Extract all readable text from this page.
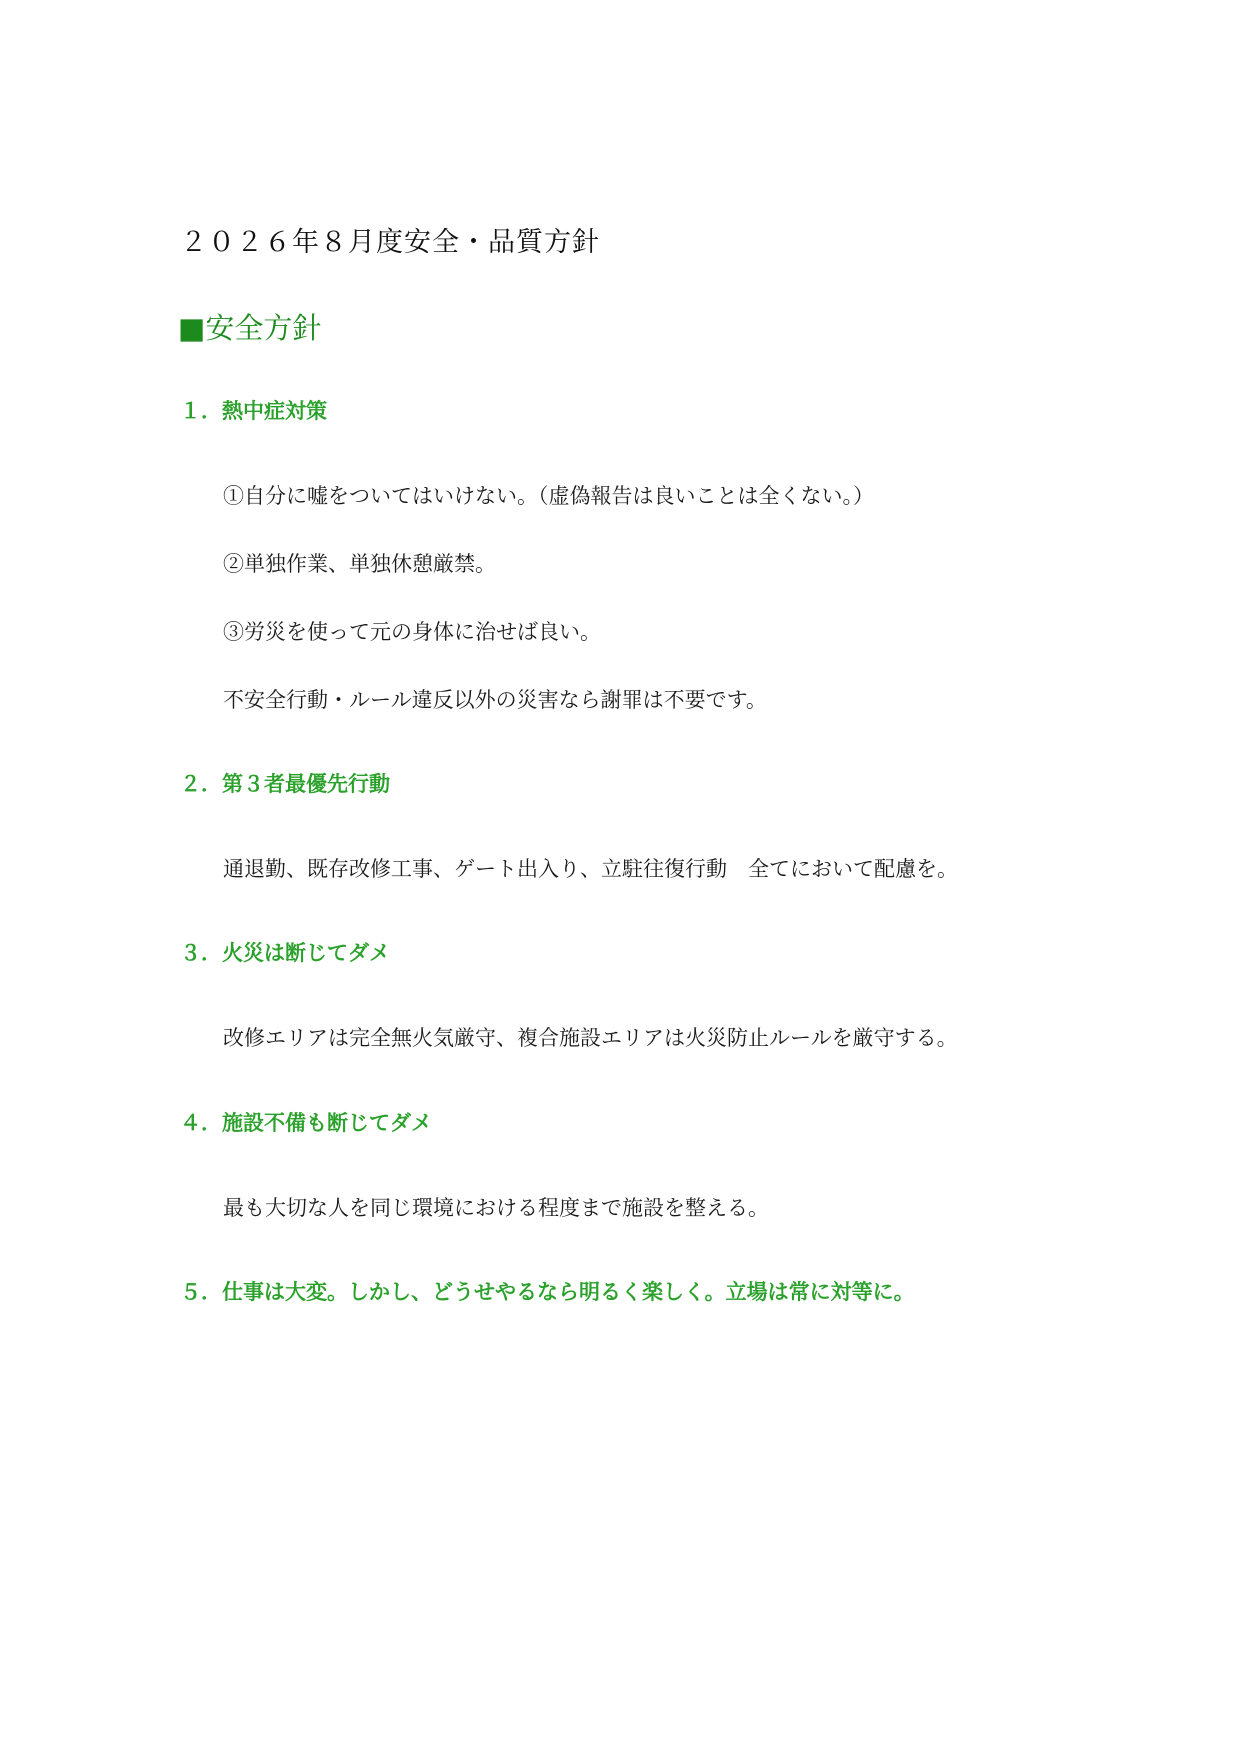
２０２６年８月度安全・品質方針
■安全方針
１．熱中症対策
①自分に嘘をついてはいけない。（虚偽報告は良いことは全くない。）
②単独作業、単独休憩厳禁。
③労災を使って元の身体に治せば良い。
不安全行動・ルール違反以外の災害なら謝罪は不要です。
２．第３者最優先行動
通退勤、既存改修工事、ゲート出入り、立駐往復行動　全てにおいて配慮を。
３．火災は断じてダメ
改修エリアは完全無火気厳守、複合施設エリアは火災防止ルールを厳守する。
４．施設不備も断じてダメ
最も大切な人を同じ環境における程度まで施設を整える。
５．仕事は大変。しかし、どうせやるなら明るく楽しく。立場は常に対等に。
